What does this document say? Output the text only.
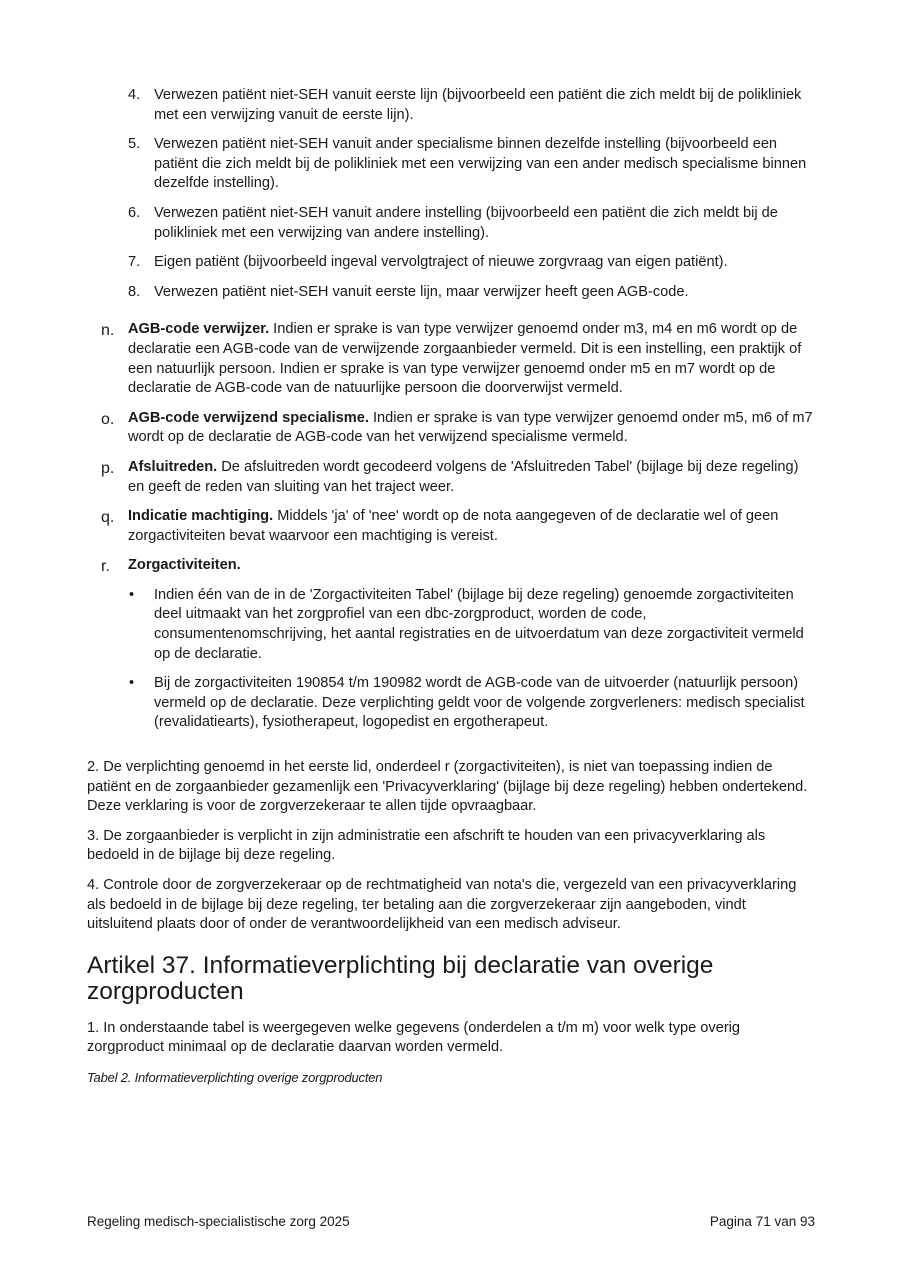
4. Verwezen patiënt niet-SEH vanuit eerste lijn (bijvoorbeeld een patiënt die zich meldt bij de polikliniek met een verwijzing vanuit de eerste lijn).
5. Verwezen patiënt niet-SEH vanuit ander specialisme binnen dezelfde instelling (bijvoorbeeld een patiënt die zich meldt bij de polikliniek met een verwijzing van een ander medisch specialisme binnen dezelfde instelling).
6. Verwezen patiënt niet-SEH vanuit andere instelling (bijvoorbeeld een patiënt die zich meldt bij de polikliniek met een verwijzing van andere instelling).
7. Eigen patiënt (bijvoorbeeld ingeval vervolgtraject of nieuwe zorgvraag van eigen patiënt).
8. Verwezen patiënt niet-SEH vanuit eerste lijn, maar verwijzer heeft geen AGB-code.
n. AGB-code verwijzer. Indien er sprake is van type verwijzer genoemd onder m3, m4 en m6 wordt op de declaratie een AGB-code van de verwijzende zorgaanbieder vermeld. Dit is een instelling, een praktijk of een natuurlijk persoon. Indien er sprake is van type verwijzer genoemd onder m5 en m7 wordt op de declaratie de AGB-code van de natuurlijke persoon die doorverwijst vermeld.
o. AGB-code verwijzend specialisme. Indien er sprake is van type verwijzer genoemd onder m5, m6 of m7 wordt op de declaratie de AGB-code van het verwijzend specialisme vermeld.
p. Afsluitreden. De afsluitreden wordt gecodeerd volgens de 'Afsluitreden Tabel' (bijlage bij deze regeling) en geeft de reden van sluiting van het traject weer.
q. Indicatie machtiging. Middels 'ja' of 'nee' wordt op de nota aangegeven of de declaratie wel of geen zorgactiviteiten bevat waarvoor een machtiging is vereist.
r. Zorgactiviteiten.
• Indien één van de in de 'Zorgactiviteiten Tabel' (bijlage bij deze regeling) genoemde zorgactiviteiten deel uitmaakt van het zorgprofiel van een dbc-zorgproduct, worden de code, consumentenomschrijving, het aantal registraties en de uitvoerdatum van deze zorgactiviteit vermeld op de declaratie.
• Bij de zorgactiviteiten 190854 t/m 190982 wordt de AGB-code van de uitvoerder (natuurlijk persoon) vermeld op de declaratie. Deze verplichting geldt voor de volgende zorgverleners: medisch specialist (revalidatiearts), fysiotherapeut, logopedist en ergotherapeut.

2. De verplichting genoemd in het eerste lid, onderdeel r (zorgactiviteiten), is niet van toepassing indien de patiënt en de zorgaanbieder gezamenlijk een 'Privacyverklaring' (bijlage bij deze regeling) hebben ondertekend. Deze verklaring is voor de zorgverzekeraar te allen tijde opvraagbaar.

3. De zorgaanbieder is verplicht in zijn administratie een afschrift te houden van een privacyverklaring als bedoeld in de bijlage bij deze regeling.

4. Controle door de zorgverzekeraar op de rechtmatigheid van nota's die, vergezeld van een privacyverklaring als bedoeld in de bijlage bij deze regeling, ter betaling aan die zorgverzekeraar zijn aangeboden, vindt uitsluitend plaats door of onder de verantwoordelijkheid van een medisch adviseur.

Artikel 37. Informatieverplichting bij declaratie van overige zorgproducten

1. In onderstaande tabel is weergegeven welke gegevens (onderdelen a t/m m) voor welk type overig zorgproduct minimaal op de declaratie daarvan worden vermeld.

Tabel 2. Informatieverplichting overige zorgproducten

Regeling medisch-specialistische zorg 2025	Pagina 71 van 93
